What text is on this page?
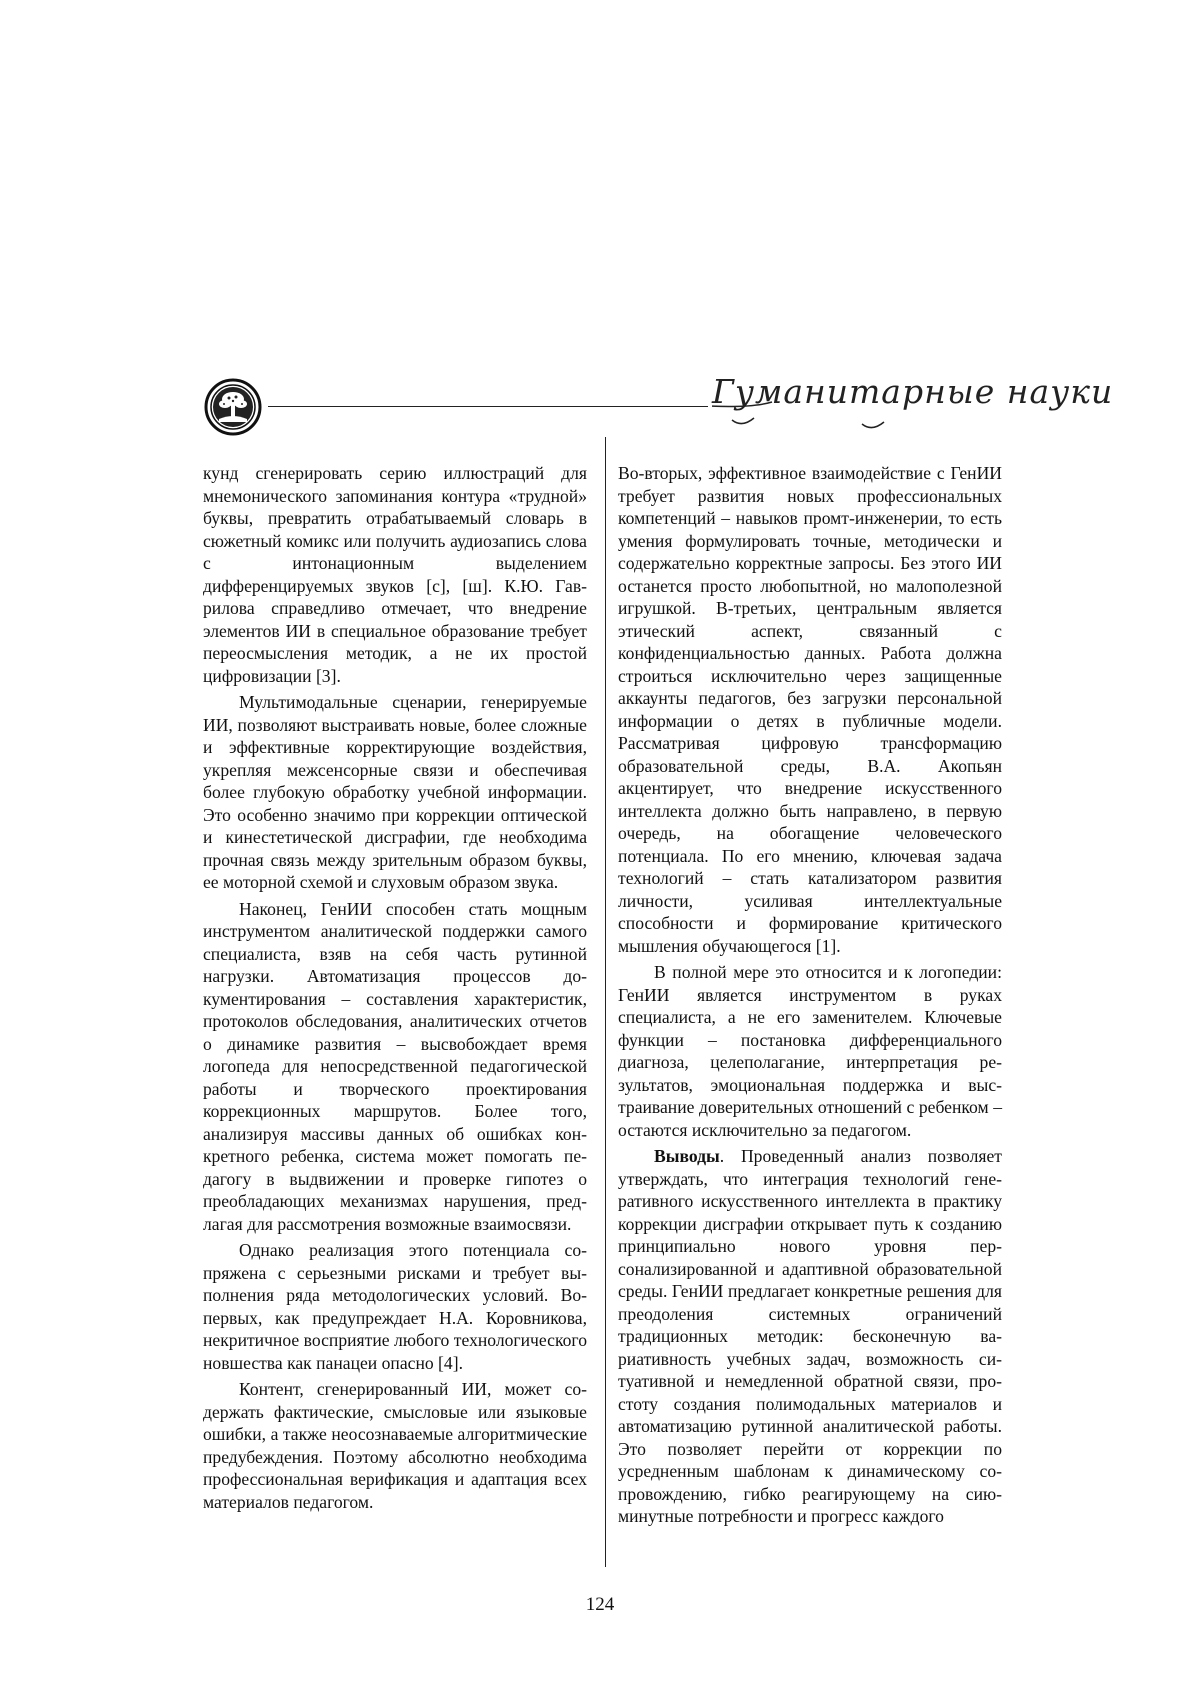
Гуманитарные науки

кунд сгенерировать серию иллюстраций для мнемонического запоминания контура «трудной» буквы, превратить отрабатываемый словарь в сюжетный комикс или получить аудиозапись слова с интонационным выделением дифференцируемых звуков [с], [ш]. К.Ю. Гаврилова справедливо отмечает, что внедрение элементов ИИ в специальное образование требует переосмысления методик, а не их простой цифровизации [3].

Мультимодальные сценарии, генерируемые ИИ, позволяют выстраивать новые, более сложные и эффективные корректирующие воздействия, укрепляя межсенсорные связи и обеспечивая более глубокую обработку учебной информации. Это особенно значимо при коррекции оптической и кинестетической дисграфии, где необходима прочная связь между зрительным образом буквы, ее моторной схемой и слуховым образом звука.

Наконец, ГенИИ способен стать мощным инструментом аналитической поддержки самого специалиста, взяв на себя часть рутинной нагрузки. Автоматизация процессов документирования – составления характеристик, протоколов обследования, аналитических отчетов о динамике развития – высвобождает время логопеда для непосредственной педагогической работы и творческого проектирования коррекционных маршрутов. Более того, анализируя массивы данных об ошибках конкретного ребенка, система может помогать педагогу в выдвижении и проверке гипотез о преобладающих механизмах нарушения, предлагая для рассмотрения возможные взаимосвязи.

Однако реализация этого потенциала сопряжена с серьезными рисками и требует выполнения ряда методологических условий. Во-первых, как предупреждает Н.А. Коровникова, некритичное восприятие любого технологического новшества как панацеи опасно [4].

Контент, сгенерированный ИИ, может содержать фактические, смысловые или языковые ошибки, а также неосознаваемые алгоритмические предубеждения. Поэтому абсолютно необходима профессиональная верификация и адаптация всех материалов педагогом.

Во-вторых, эффективное взаимодействие с ГенИИ требует развития новых профессиональных компетенций – навыков промт-инженерии, то есть умения формулировать точные, методически и содержательно корректные запросы. Без этого ИИ останется просто любопытной, но малополезной игрушкой. В-третьих, центральным является этический аспект, связанный с конфиденциальностью данных. Работа должна строиться исключительно через защищенные аккаунты педагогов, без загрузки персональной информации о детях в публичные модели. Рассматривая цифровую трансформацию образовательной среды, В.А. Акопьян акцентирует, что внедрение искусственного интеллекта должно быть направлено, в первую очередь, на обогащение человеческого потенциала. По его мнению, ключевая задача технологий – стать катализатором развития личности, усиливая интеллектуальные способности и формирование критического мышления обучающегося [1].

В полной мере это относится и к логопедии: ГенИИ является инструментом в руках специалиста, а не его заменителем. Ключевые функции – постановка дифференциального диагноза, целеполагание, интерпретация результатов, эмоциональная поддержка и выстраивание доверительных отношений с ребенком – остаются исключительно за педагогом.

Выводы. Проведенный анализ позволяет утверждать, что интеграция технологий генеративного искусственного интеллекта в практику коррекции дисграфии открывает путь к созданию принципиально нового уровня персонализированной и адаптивной образовательной среды. ГенИИ предлагает конкретные решения для преодоления системных ограничений традиционных методик: бесконечную вариативность учебных задач, возможность ситуативной и немедленной обратной связи, простоту создания полимодальных материалов и автоматизацию рутинной аналитической работы. Это позволяет перейти от коррекции по усредненным шаблонам к динамическому сопровождению, гибко реагирующему на сиюминутные потребности и прогресс каждого

124
